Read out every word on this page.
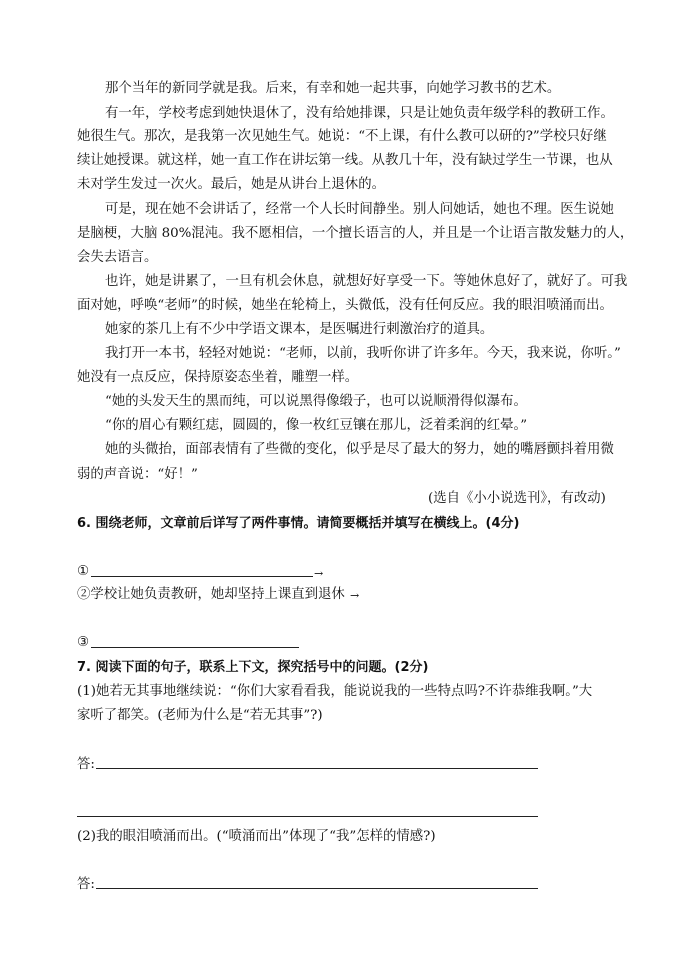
那个当年的新同学就是我。后来，有幸和她一起共事，向她学习教书的艺术。
有一年，学校考虑到她快退休了，没有给她排课，只是让她负责年级学科的教研工作。
她很生气。那次，是我第一次见她生气。她说：“不上课，有什么教可以研的?”学校只好继
续让她授课。就这样，她一直工作在讲坛第一线。从教几十年，没有缺过学生一节课，也从
未对学生发过一次火。最后，她是从讲台上退休的。
可是，现在她不会讲话了，经常一个人长时间静坐。别人问她话，她也不理。医生说她
是脑梗，大脑 80%混沌。我不愿相信，一个擅长语言的人，并且是一个让语言散发魅力的人，
会失去语言。
也许，她是讲累了，一旦有机会休息，就想好好享受一下。等她休息好了，就好了。可我
面对她，呼唤“老师”的时候，她坐在轮椅上，头微低，没有任何反应。我的眼泪喷涌而出。
她家的茶几上有不少中学语文课本，是医嘱进行刺激治疗的道具。
我打开一本书，轻轻对她说：“老师，以前，我听你讲了许多年。今天，我来说，你听。”
她没有一点反应，保持原姿态坐着，雕塑一样。
“她的头发天生的黑而纯，可以说黑得像缎子，也可以说顺滑得似瀑布。
“你的眉心有颗红痣，圆圆的，像一枚红豆镶在那儿，泛着柔润的红晕。”
她的头微抬，面部表情有了些微的变化，似乎是尽了最大的努力，她的嘴唇颤抖着用微
弱的声音说：“好！”
(选自《小小说选刊》，有改动)
6. 围绕老师，文章前后详写了两件事情。请简要概括并填写在横线上。(4分)
①	→
②学校让她负责教研，她却坚持上课直到退休 →
③
7. 阅读下面的句子，联系上下文，探究括号中的问题。(2分)
(1)她若无其事地继续说：“你们大家看看我，能说说我的一些特点吗?不许恭维我啊。”大
家听了都笑。(老师为什么是“若无其事”?)
答:
(2)我的眼泪喷涌而出。(“喷涌而出”体现了“我”怎样的情感?)
答:
